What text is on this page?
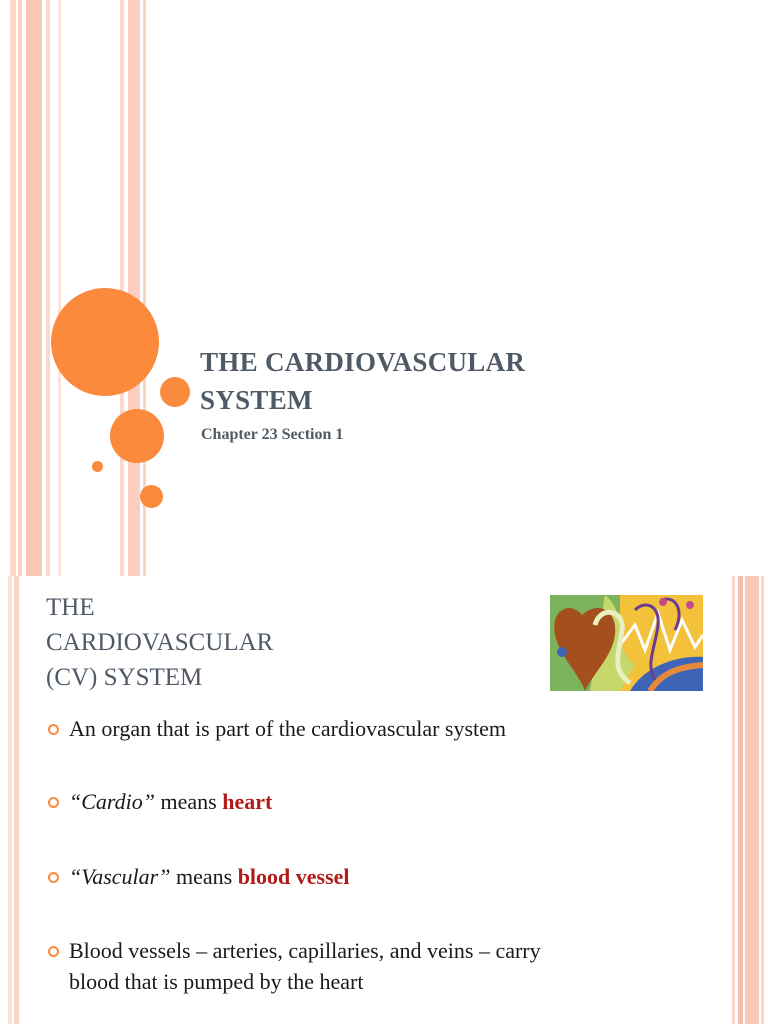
THE CARDIOVASCULAR
SYSTEM
Chapter 23 Section 1
THE
CARDIOVASCULAR
(CV) SYSTEM
An organ that is part of the cardiovascular system
“Cardio” means heart
“Vascular” means blood vessel
Blood vessels – arteries, capillaries, and veins – carry
blood that is pumped by the heart
